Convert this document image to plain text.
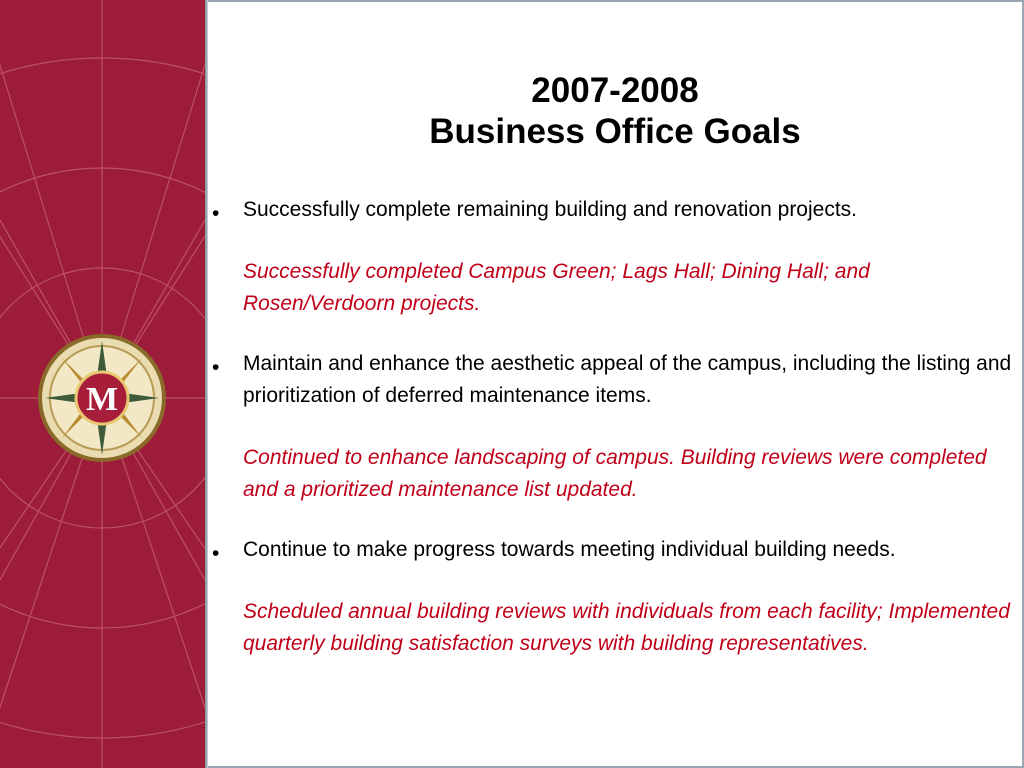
M
2007-2008
Business Office Goals
• Successfully complete remaining building and renovation projects.
Successfully completed Campus Green; Lags Hall; Dining Hall; and Rosen/Verdoorn projects.
• Maintain and enhance the aesthetic appeal of the campus, including the listing and prioritization of deferred maintenance items.
Continued to enhance landscaping of campus. Building reviews were completed and a prioritized maintenance list updated.
• Continue to make progress towards meeting individual building needs.
Scheduled annual building reviews with individuals from each facility; Implemented quarterly building satisfaction surveys with building representatives.
